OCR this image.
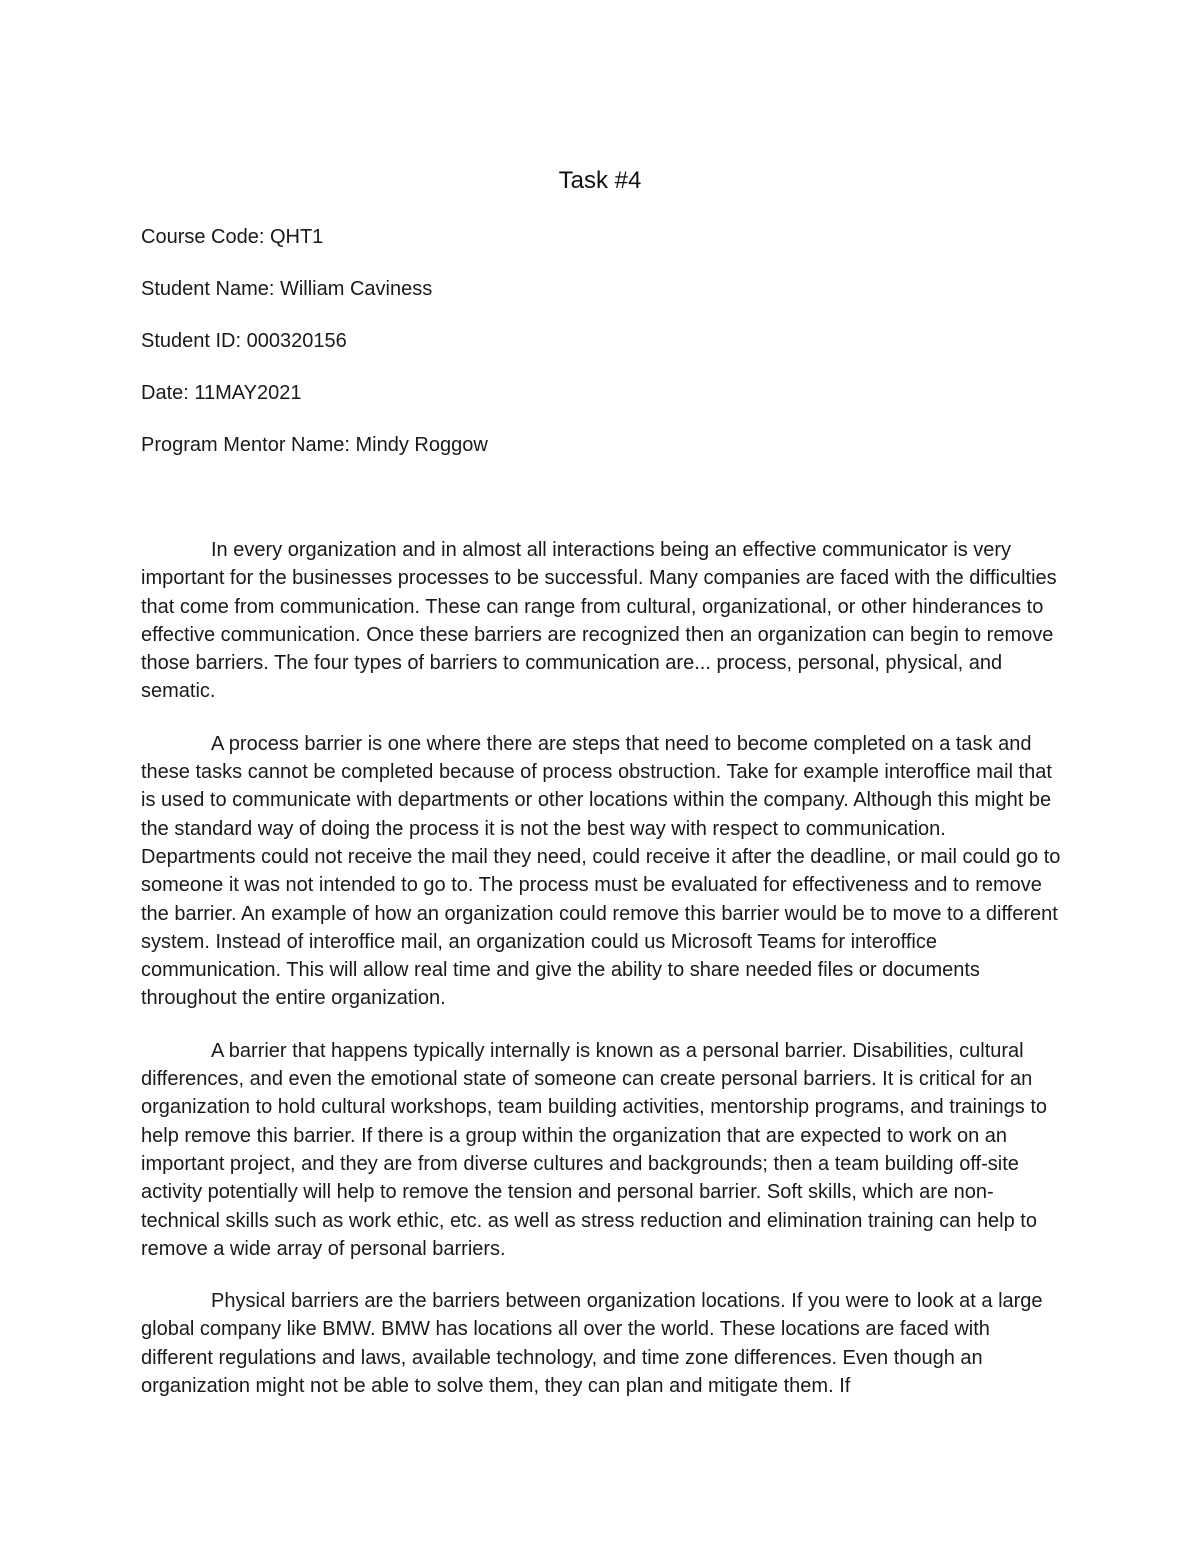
Task #4
Course Code: QHT1
Student Name: William Caviness
Student ID: 000320156
Date: 11MAY2021
Program Mentor Name: Mindy Roggow

In every organization and in almost all interactions being an effective communicator is very important for the businesses processes to be successful. Many companies are faced with the difficulties that come from communication. These can range from cultural, organizational, or other hinderances to effective communication. Once these barriers are recognized then an organization can begin to remove those barriers. The four types of barriers to communication are... process, personal, physical, and sematic.

A process barrier is one where there are steps that need to become completed on a task and these tasks cannot be completed because of process obstruction. Take for example interoffice mail that is used to communicate with departments or other locations within the company. Although this might be the standard way of doing the process it is not the best way with respect to communication. Departments could not receive the mail they need, could receive it after the deadline, or mail could go to someone it was not intended to go to. The process must be evaluated for effectiveness and to remove the barrier. An example of how an organization could remove this barrier would be to move to a different system. Instead of interoffice mail, an organization could us Microsoft Teams for interoffice communication. This will allow real time and give the ability to share needed files or documents throughout the entire organization.

A barrier that happens typically internally is known as a personal barrier. Disabilities, cultural differences, and even the emotional state of someone can create personal barriers. It is critical for an organization to hold cultural workshops, team building activities, mentorship programs, and trainings to help remove this barrier. If there is a group within the organization that are expected to work on an important project, and they are from diverse cultures and backgrounds; then a team building off-site activity potentially will help to remove the tension and personal barrier. Soft skills, which are non-technical skills such as work ethic, etc. as well as stress reduction and elimination training can help to remove a wide array of personal barriers.

Physical barriers are the barriers between organization locations. If you were to look at a large global company like BMW. BMW has locations all over the world. These locations are faced with different regulations and laws, available technology, and time zone differences. Even though an organization might not be able to solve them, they can plan and mitigate them. If
